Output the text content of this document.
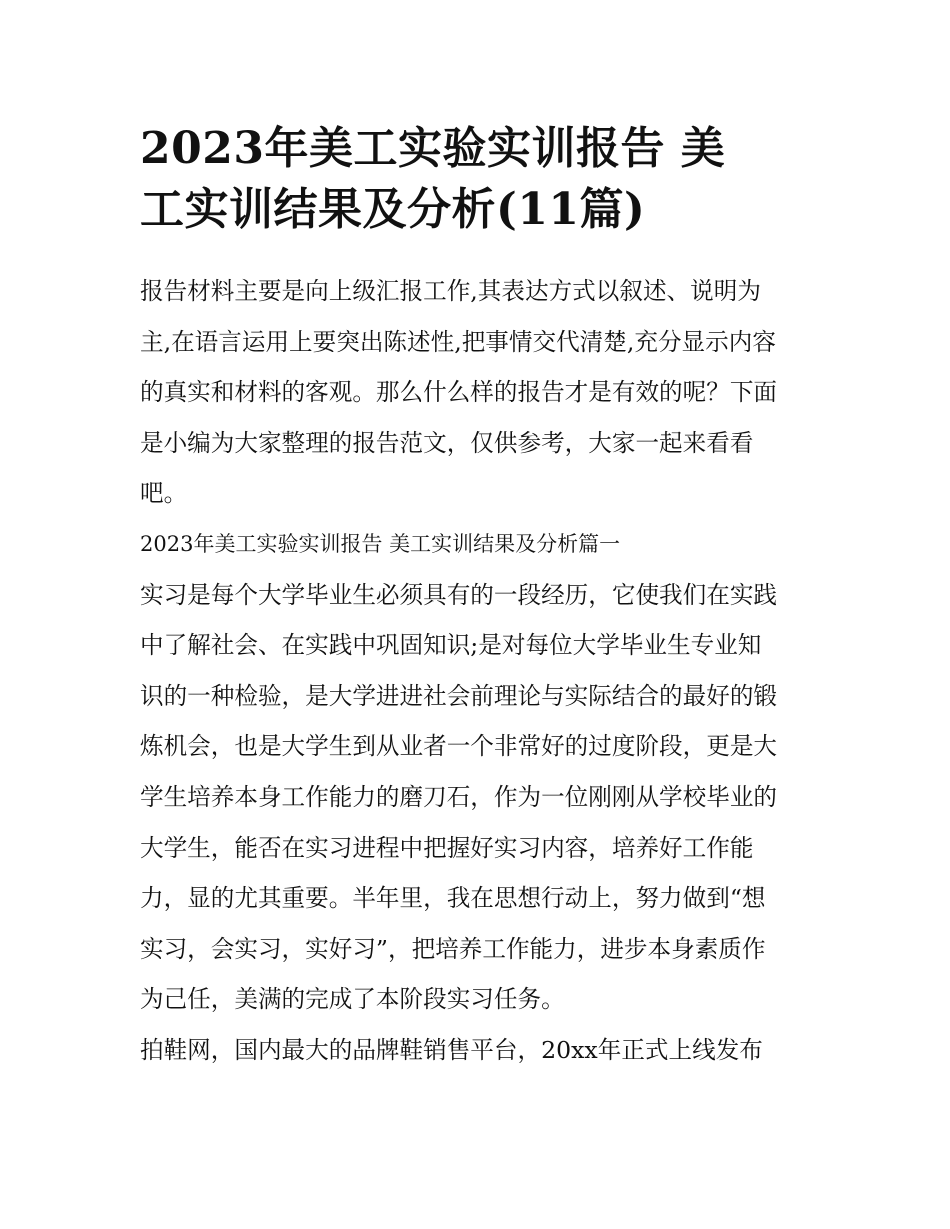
2023年美工实验实训报告 美
工实训结果及分析(11篇)

报告材料主要是向上级汇报工作,其表达方式以叙述、说明为
主,在语言运用上要突出陈述性,把事情交代清楚,充分显示内容
的真实和材料的客观。那么什么样的报告才是有效的呢？下面
是小编为大家整理的报告范文，仅供参考，大家一起来看看
吧。

2023年美工实验实训报告 美工实训结果及分析篇一

实习是每个大学毕业生必须具有的一段经历，它使我们在实践
中了解社会、在实践中巩固知识;是对每位大学毕业生专业知
识的一种检验，是大学进进社会前理论与实际结合的最好的锻
炼机会，也是大学生到从业者一个非常好的过度阶段，更是大
学生培养本身工作能力的磨刀石，作为一位刚刚从学校毕业的
大学生，能否在实习进程中把握好实习内容，培养好工作能
力，显的尤其重要。半年里，我在思想行动上，努力做到“想
实习，会实习，实好习”，把培养工作能力，进步本身素质作
为己任，美满的完成了本阶段实习任务。

拍鞋网，国内最大的品牌鞋销售平台，20xx年正式上线发布
